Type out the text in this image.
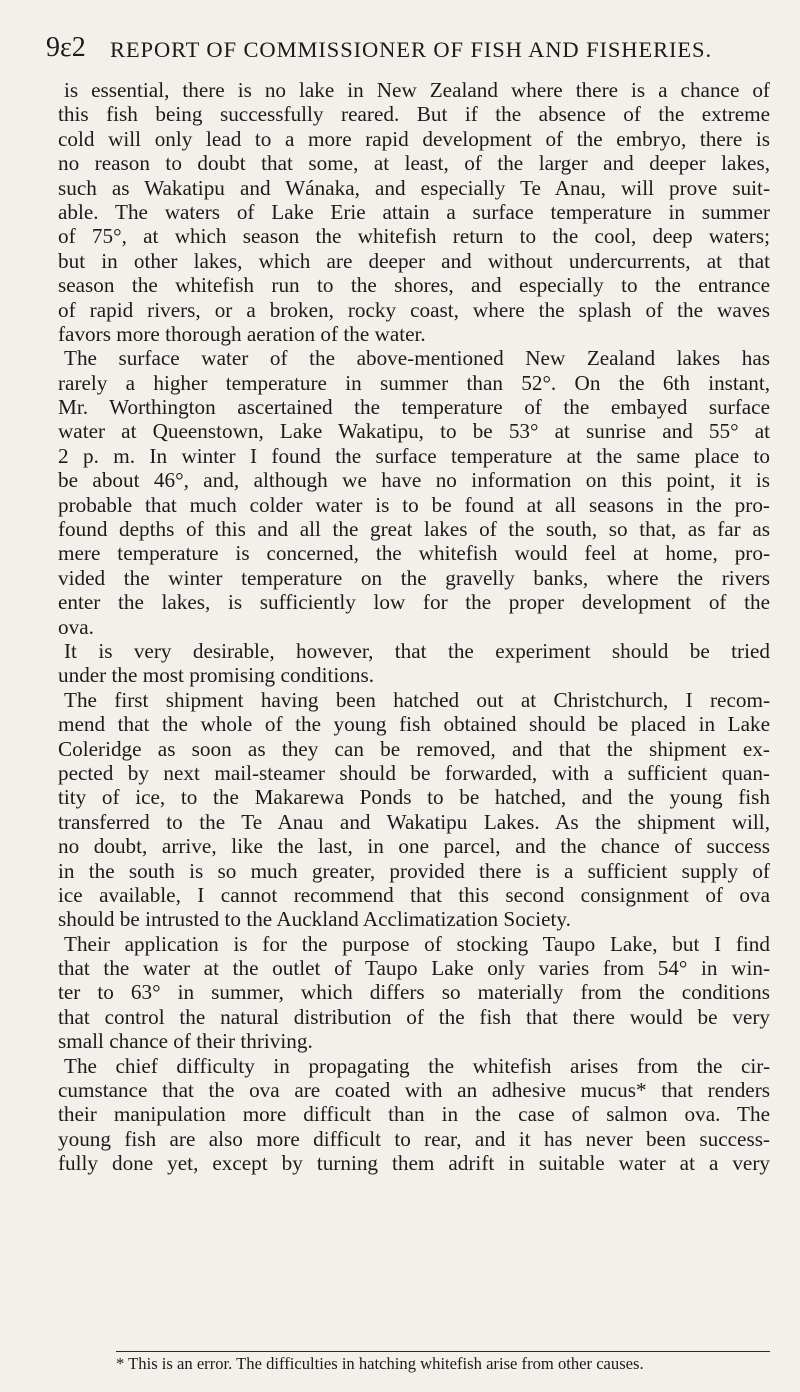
9ε2 REPORT OF COMMISSIONER OF FISH AND FISHERIES.
is essential, there is no lake in New Zealand where there is a chance of
this fish being successfully reared. But if the absence of the extreme
cold will only lead to a more rapid development of the embryo, there is
no reason to doubt that some, at least, of the larger and deeper lakes,
such as Wakatipu and Wánaka, and especially Te Anau, will prove suit-
able. The waters of Lake Erie attain a surface temperature in summer
of 75°, at which season the whitefish return to the cool, deep waters;
but in other lakes, which are deeper and without undercurrents, at that
season the whitefish run to the shores, and especially to the entrance
of rapid rivers, or a broken, rocky coast, where the splash of the waves
favors more thorough aeration of the water.
The surface water of the above-mentioned New Zealand lakes has
rarely a higher temperature in summer than 52°. On the 6th instant,
Mr. Worthington ascertained the temperature of the embayed surface
water at Queenstown, Lake Wakatipu, to be 53° at sunrise and 55° at
2 p. m. In winter I found the surface temperature at the same place to
be about 46°, and, although we have no information on this point, it is
probable that much colder water is to be found at all seasons in the pro-
found depths of this and all the great lakes of the south, so that, as far as
mere temperature is concerned, the whitefish would feel at home, pro-
vided the winter temperature on the gravelly banks, where the rivers
enter the lakes, is sufficiently low for the proper development of the
ova.
It is very desirable, however, that the experiment should be tried
under the most promising conditions.
The first shipment having been hatched out at Christchurch, I recom-
mend that the whole of the young fish obtained should be placed in Lake
Coleridge as soon as they can be removed, and that the shipment ex-
pected by next mail-steamer should be forwarded, with a sufficient quan-
tity of ice, to the Makarewa Ponds to be hatched, and the young fish
transferred to the Te Anau and Wakatipu Lakes. As the shipment will,
no doubt, arrive, like the last, in one parcel, and the chance of success
in the south is so much greater, provided there is a sufficient supply of
ice available, I cannot recommend that this second consignment of ova
should be intrusted to the Auckland Acclimatization Society.
Their application is for the purpose of stocking Taupo Lake, but I find
that the water at the outlet of Taupo Lake only varies from 54° in win-
ter to 63° in summer, which differs so materially from the conditions
that control the natural distribution of the fish that there would be very
small chance of their thriving.
The chief difficulty in propagating the whitefish arises from the cir-
cumstance that the ova are coated with an adhesive mucus* that renders
their manipulation more difficult than in the case of salmon ova. The
young fish are also more difficult to rear, and it has never been success-
fully done yet, except by turning them adrift in suitable water at a very
* This is an error. The difficulties in hatching whitefish arise from other causes.
